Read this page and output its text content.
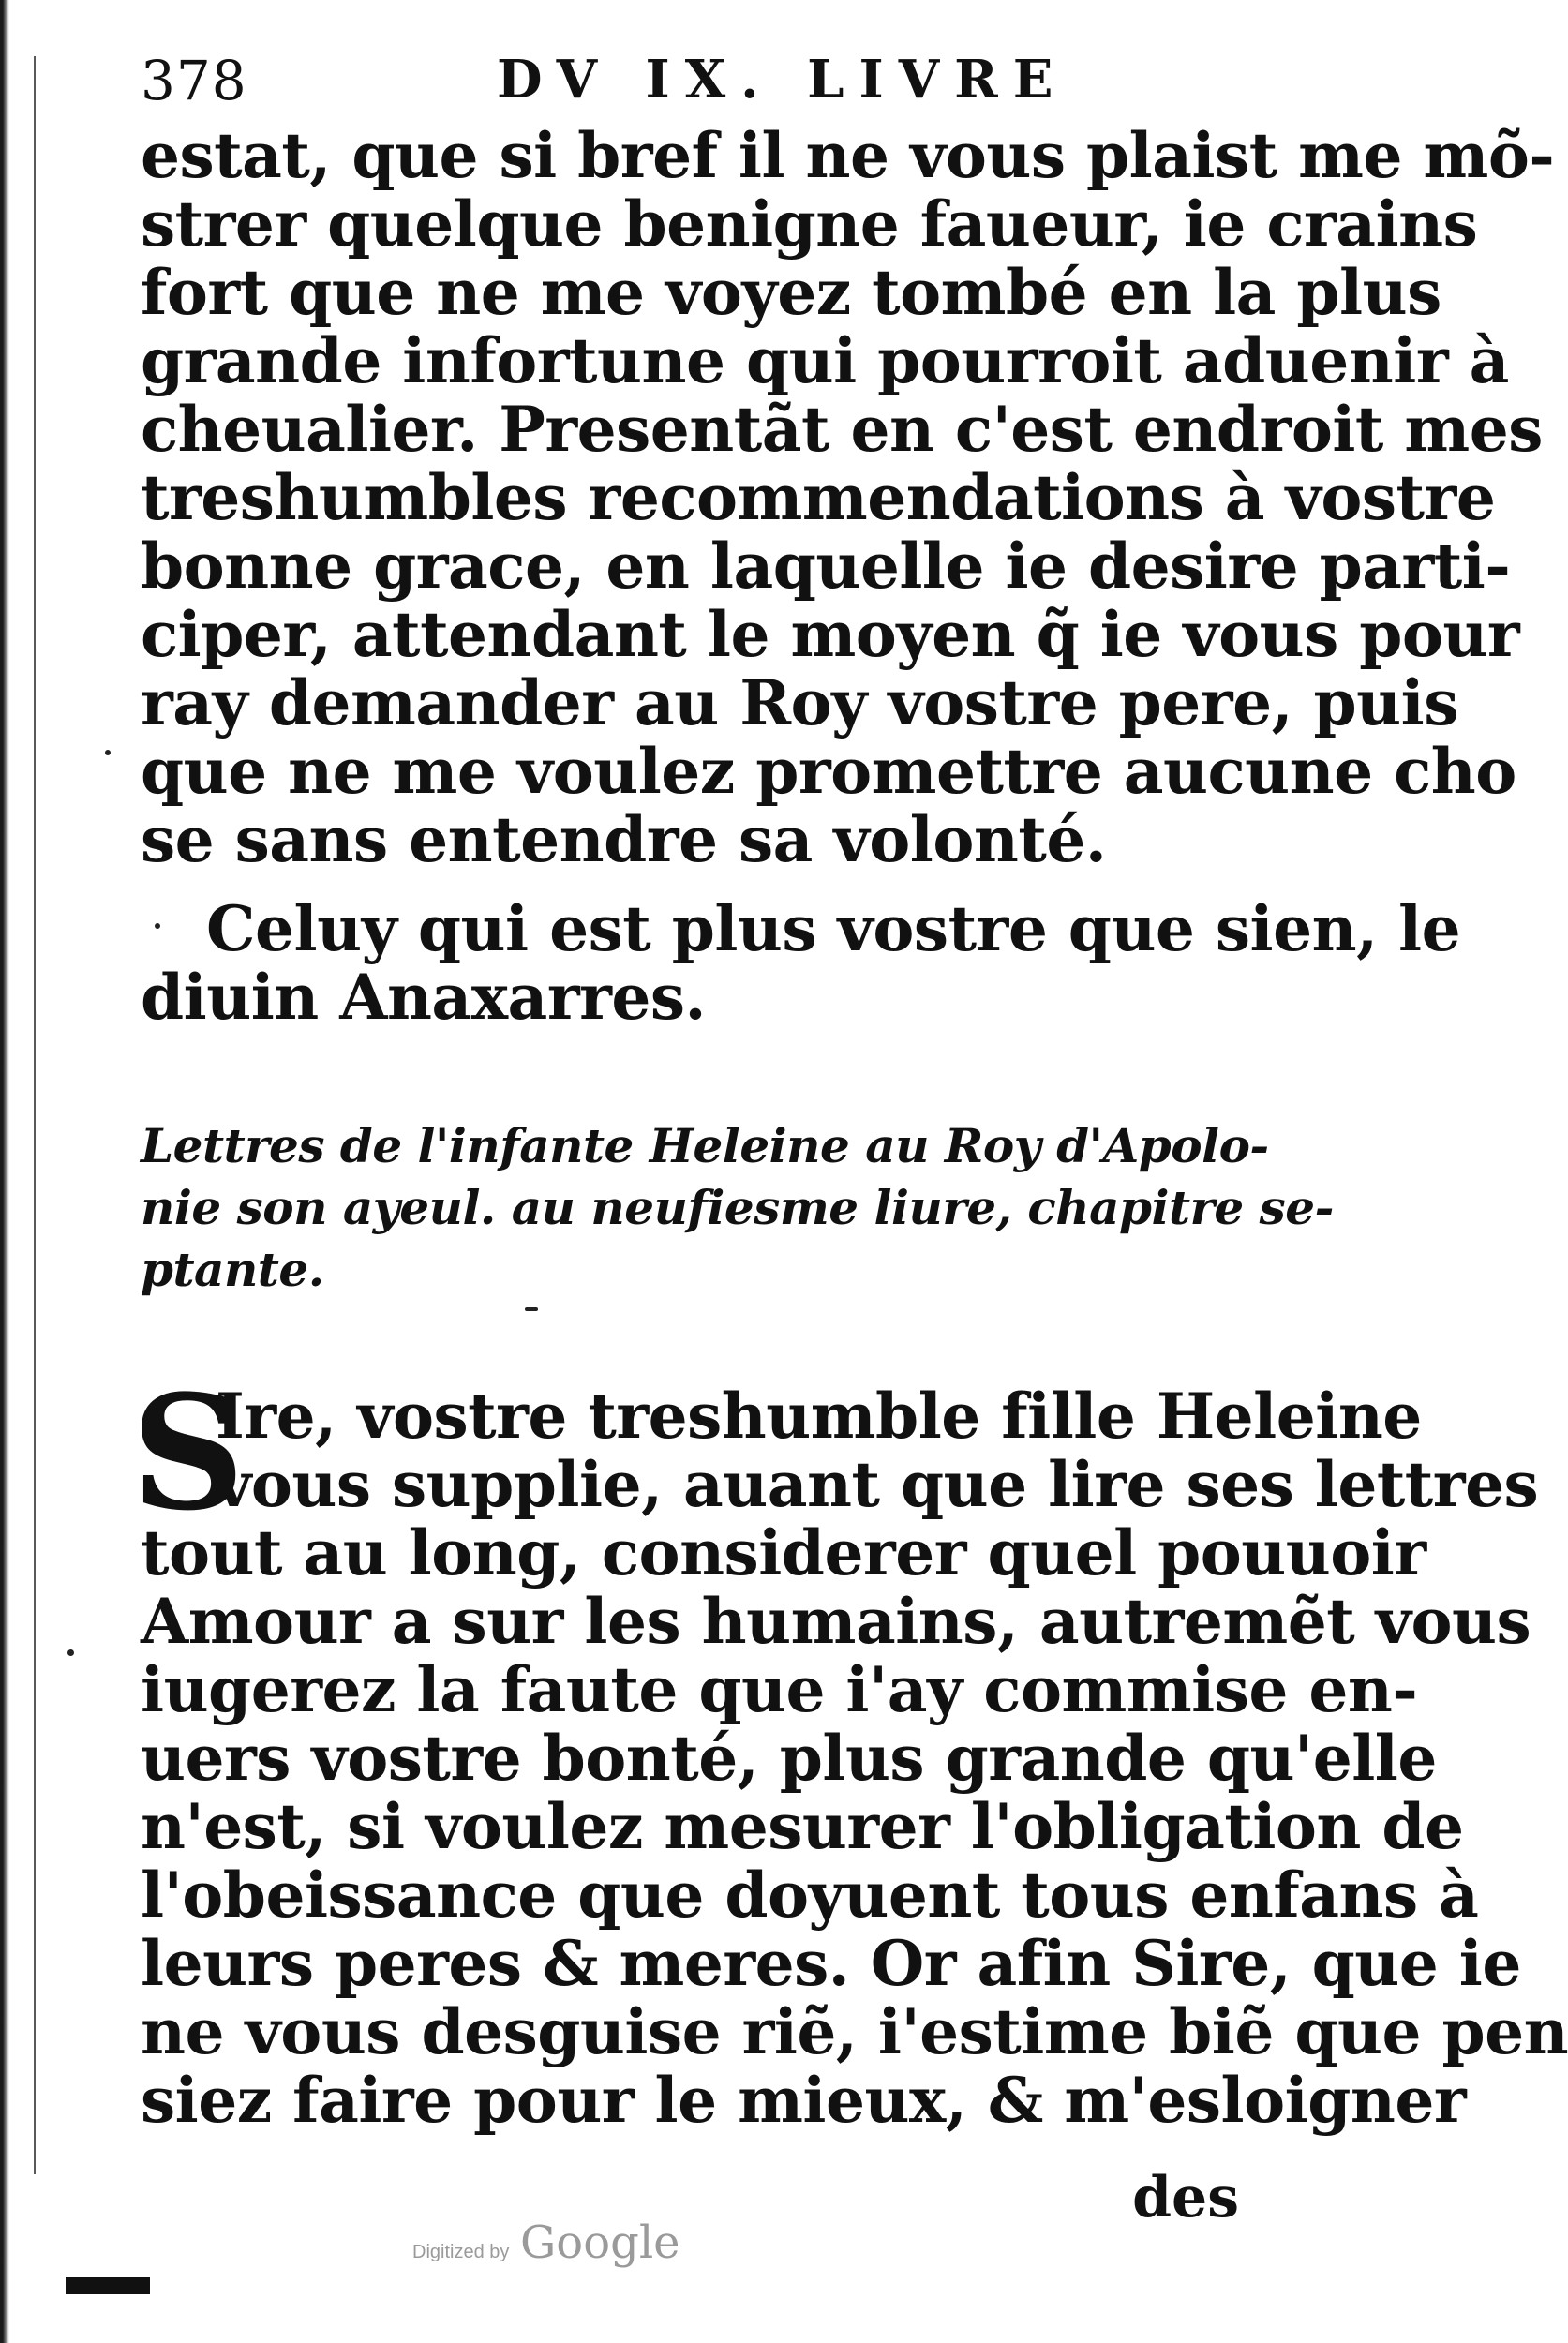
378	DV IX. LIVRE
estat, que si bref il ne vous plaist me mõ-
strer quelque benigne faueur, ie crains
fort que ne me voyez tombé en la plus
grande infortune qui pourroit aduenir à
cheualier. Presentãt en c'est endroit mes
treshumbles recommendations à vostre
bonne grace, en laquelle ie desire parti-
ciper, attendant le moyen q̃ ie vous pour
ray demander au Roy vostre pere, puis
que ne me voulez promettre aucune cho
se sans entendre sa volonté.
Celuy qui est plus vostre que sien, le
diuin Anaxarres.
Lettres de l'infante Heleine au Roy d'Apolo-
nie son ayeul. au neufiesme liure, chapitre se-
ptante.
S
Ire, vostre treshumble fille Heleine
vous supplie, auant que lire ses lettres
tout au long, considerer quel pouuoir
Amour a sur les humains, autremẽt vous
iugerez la faute que i'ay commise en-
uers vostre bonté, plus grande qu'elle
n'est, si voulez mesurer l'obligation de
l'obeissance que doyuent tous enfans à
leurs peres & meres. Or afin Sire, que ie
ne vous desguise riẽ, i'estime biẽ que pen
siez faire pour le mieux, & m'esloigner
des
Digitized by Google
